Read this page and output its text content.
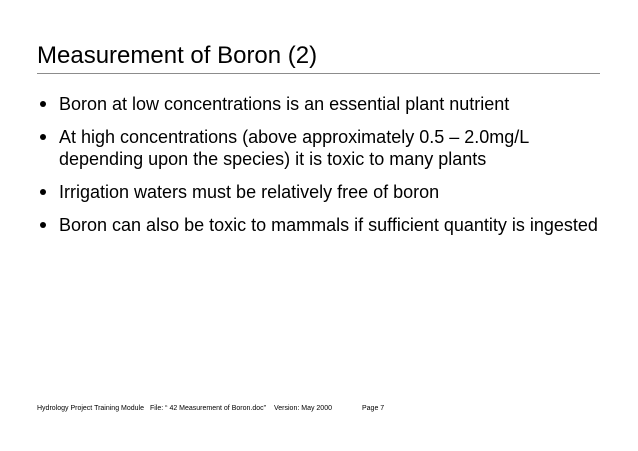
Measurement of Boron (2)
Boron at low concentrations is an essential plant nutrient
At high concentrations (above approximately 0.5 – 2.0mg/L depending upon the species) it is toxic to many plants
Irrigation waters must be relatively free of boron
Boron can also be toxic to mammals if sufficient quantity is ingested
Hydrology Project Training Module File: “ 42 Measurement of Boron.doc” Version: May 2000	Page 7
